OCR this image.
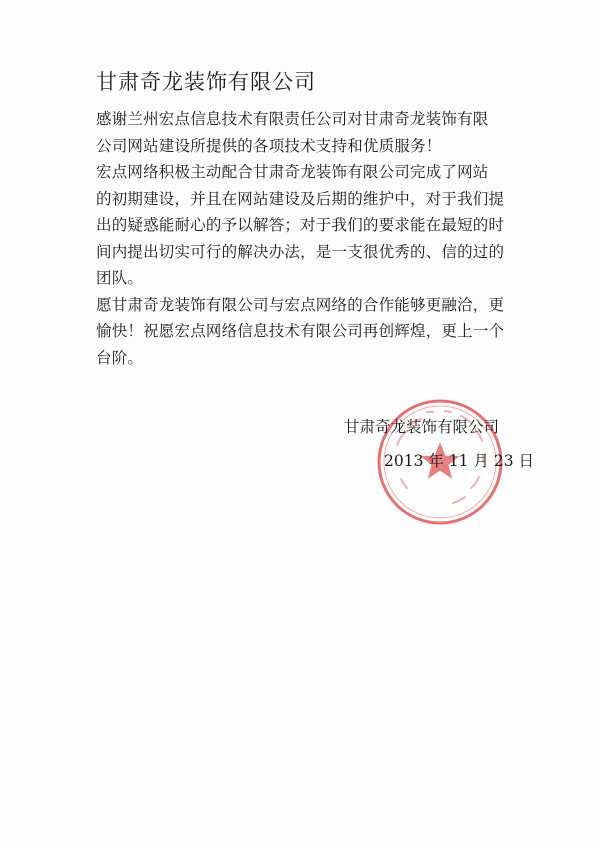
甘肃奇龙装饰有限公司
感谢兰州宏点信息技术有限责任公司对甘肃奇龙装饰有限
公司网站建设所提供的各项技术支持和优质服务！
宏点网络积极主动配合甘肃奇龙装饰有限公司完成了网站
的初期建设，并且在网站建设及后期的维护中，对于我们提
出的疑惑能耐心的予以解答；对于我们的要求能在最短的时
间内提出切实可行的解决办法，是一支很优秀的、信的过的
团队。
愿甘肃奇龙装饰有限公司与宏点网络的合作能够更融洽，更
愉快！祝愿宏点网络信息技术有限公司再创辉煌，更上一个
台阶。
甘肃奇龙装饰有限公司
2013 年 11 月 23 日
